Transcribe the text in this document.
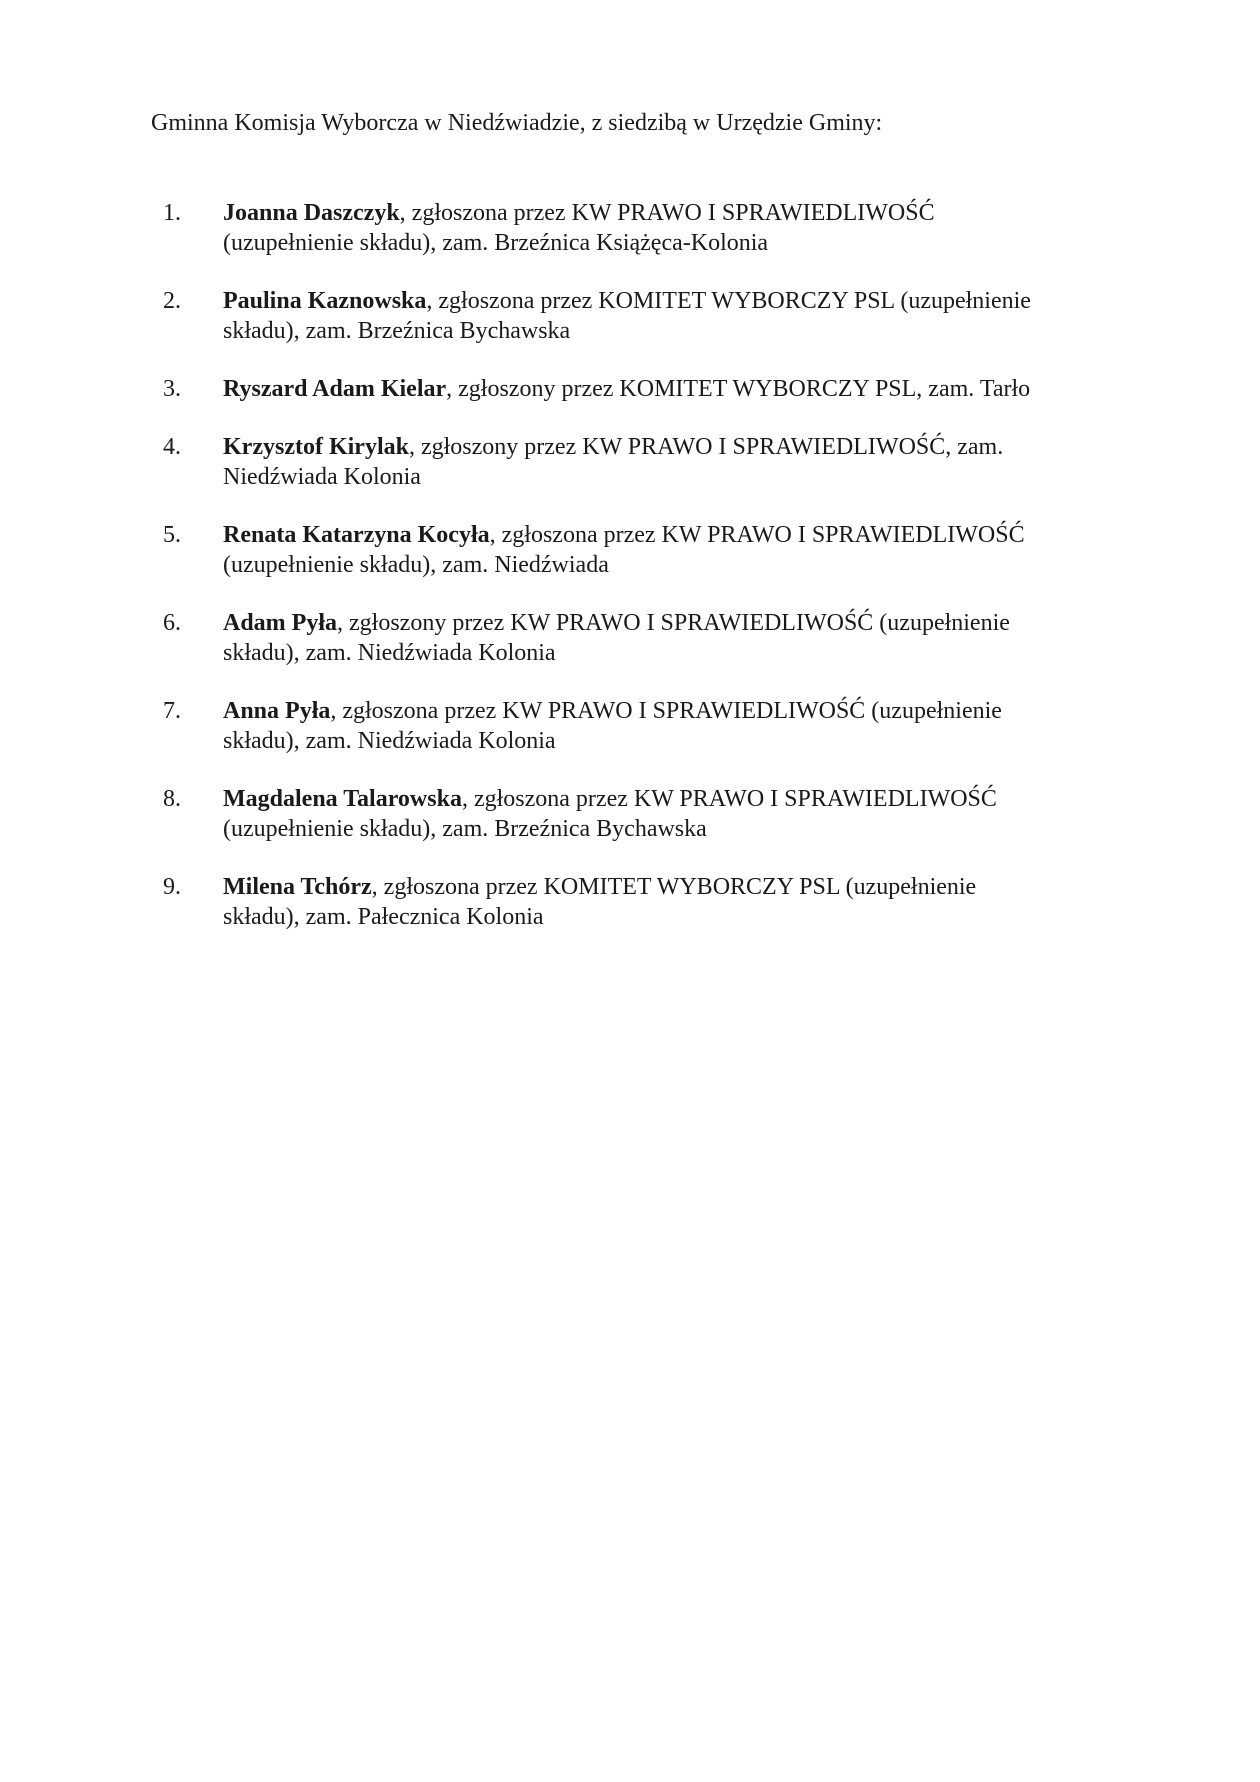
Gminna Komisja Wyborcza w Niedźwiadzie, z siedzibą w Urzędzie Gminy:
1. Joanna Daszczyk, zgłoszona przez KW PRAWO I SPRAWIEDLIWOŚĆ
(uzupełnienie składu), zam. Brzeźnica Książęca-Kolonia
2. Paulina Kaznowska, zgłoszona przez KOMITET WYBORCZY PSL (uzupełnienie
składu), zam. Brzeźnica Bychawska
3. Ryszard Adam Kielar, zgłoszony przez KOMITET WYBORCZY PSL, zam. Tarło
4. Krzysztof Kirylak, zgłoszony przez KW PRAWO I SPRAWIEDLIWOŚĆ, zam.
Niedźwiada Kolonia
5. Renata Katarzyna Kocyła, zgłoszona przez KW PRAWO I SPRAWIEDLIWOŚĆ
(uzupełnienie składu), zam. Niedźwiada
6. Adam Pyła, zgłoszony przez KW PRAWO I SPRAWIEDLIWOŚĆ (uzupełnienie
składu), zam. Niedźwiada Kolonia
7. Anna Pyła, zgłoszona przez KW PRAWO I SPRAWIEDLIWOŚĆ (uzupełnienie
składu), zam. Niedźwiada Kolonia
8. Magdalena Talarowska, zgłoszona przez KW PRAWO I SPRAWIEDLIWOŚĆ
(uzupełnienie składu), zam. Brzeźnica Bychawska
9. Milena Tchórz, zgłoszona przez KOMITET WYBORCZY PSL (uzupełnienie
składu), zam. Pałecznica Kolonia
